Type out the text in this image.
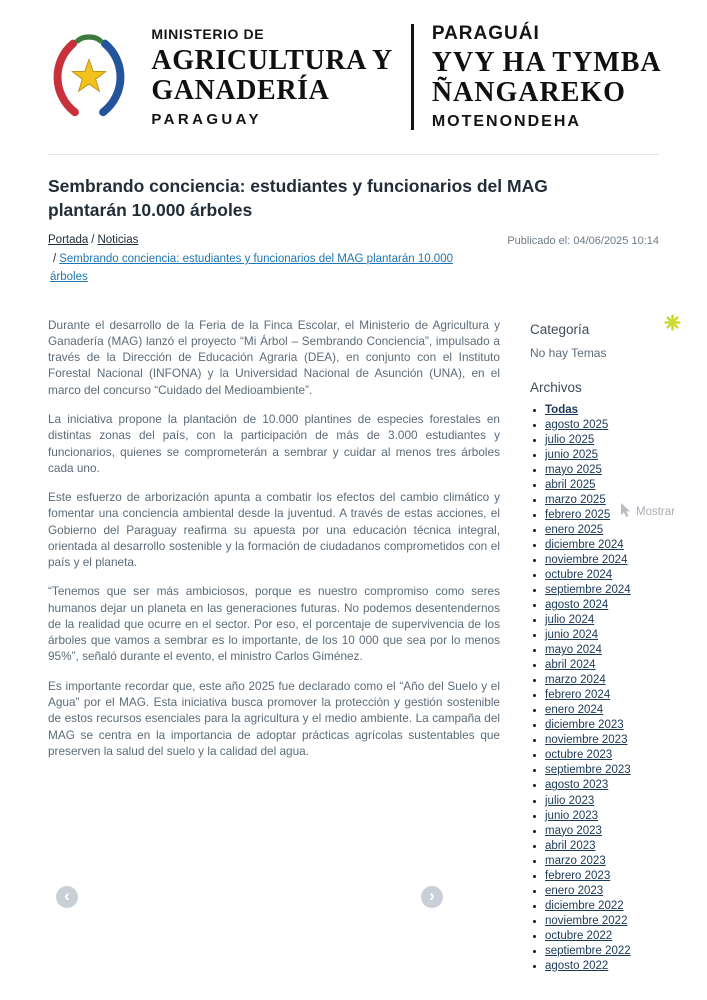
MINISTERIO DE
AGRICULTURA Y
GANADERÍA
PARAGUAY
PARAGUÁI
YVY HA TYMBA
ÑANGAREKO
MOTENONDEHA
Sembrando conciencia: estudiantes y funcionarios del MAG plantarán 10.000 árboles
Portada / Noticias
/ Sembrando conciencia: estudiantes y funcionarios del MAG plantarán 10.000 árboles
Publicado el: 04/06/2025 10:14

Durante el desarrollo de la Feria de la Finca Escolar, el Ministerio de Agricultura y Ganadería (MAG) lanzó el proyecto “Mi Árbol – Sembrando Conciencia”, impulsado a través de la Dirección de Educación Agraria (DEA), en conjunto con el Instituto Forestal Nacional (INFONA) y la Universidad Nacional de Asunción (UNA), en el marco del concurso “Cuidado del Medioambiente”.

La iniciativa propone la plantación de 10.000 plantines de especies forestales en distintas zonas del país, con la participación de más de 3.000 estudiantes y funcionarios, quienes se comprometerán a sembrar y cuidar al menos tres árboles cada uno.

Este esfuerzo de arborización apunta a combatir los efectos del cambio climático y fomentar una conciencia ambiental desde la juventud. A través de estas acciones, el Gobierno del Paraguay reafirma su apuesta por una educación técnica integral, orientada al desarrollo sostenible y la formación de ciudadanos comprometidos con el país y el planeta.

“Tenemos que ser más ambiciosos, porque es nuestro compromiso como seres humanos dejar un planeta en las generaciones futuras. No podemos desentendernos de la realidad que ocurre en el sector. Por eso, el porcentaje de supervivencia de los árboles que vamos a sembrar es lo importante, de los 10 000 que sea por lo menos 95%”, señaló durante el evento, el ministro Carlos Giménez.

Es importante recordar que, este año 2025 fue declarado como el “Año del Suelo y el Agua” por el MAG. Esta iniciativa busca promover la protección y gestión sostenible de estos recursos esenciales para la agricultura y el medio ambiente. La campaña del MAG se centra en la importancia de adoptar prácticas agrícolas sustentables que preserven la salud del suelo y la calidad del agua.

Categoría
No hay Temas
Archivos
• Todas
• agosto 2025
• julio 2025
• junio 2025
• mayo 2025
• abril 2025
• marzo 2025
• febrero 2025
• enero 2025
• diciembre 2024
• noviembre 2024
• octubre 2024
• septiembre 2024
• agosto 2024
• julio 2024
• junio 2024
• mayo 2024
• abril 2024
• marzo 2024
• febrero 2024
• enero 2024
• diciembre 2023
• noviembre 2023
• octubre 2023
• septiembre 2023
• agosto 2023
• julio 2023
• junio 2023
• mayo 2023
• abril 2023
• marzo 2023
• febrero 2023
• enero 2023
• diciembre 2022
• noviembre 2022
• octubre 2022
• septiembre 2022
• agosto 2022
Mostrar
‹	›
